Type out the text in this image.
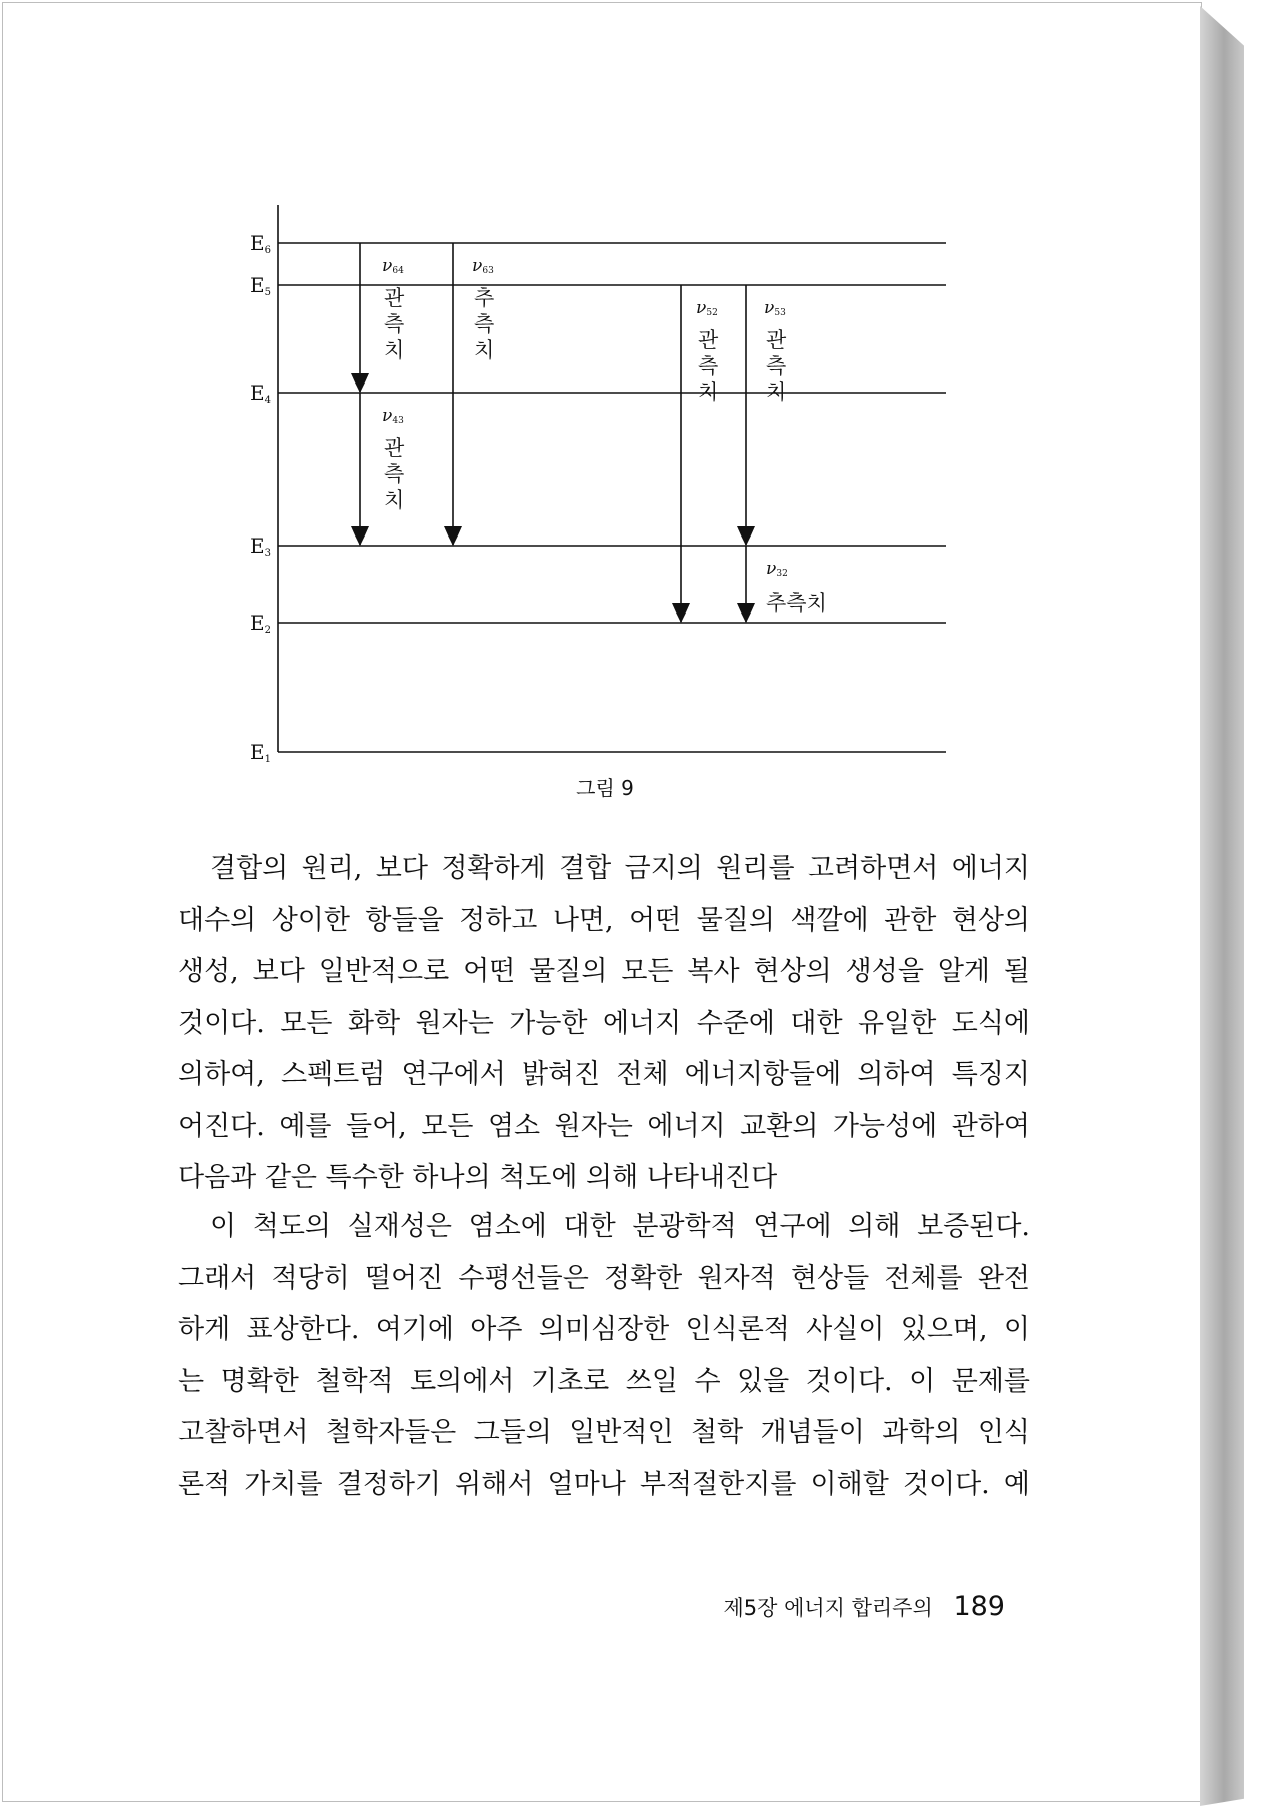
E6
E5
E4
E3
E2
E1
ν64
관
측
치
ν43
관
측
치
ν63
추
측
치
ν52
관
측
치
ν53
관
측
치
ν32
추측치
그림 9

결합의 원리, 보다 정확하게 결합 금지의 원리를 고려하면서 에너지
대수의 상이한 항들을 정하고 나면, 어떤 물질의 색깔에 관한 현상의
생성, 보다 일반적으로 어떤 물질의 모든 복사 현상의 생성을 알게 될
것이다. 모든 화학 원자는 가능한 에너지 수준에 대한 유일한 도식에
의하여, 스펙트럼 연구에서 밝혀진 전체 에너지항들에 의하여 특징지
어진다. 예를 들어, 모든 염소 원자는 에너지 교환의 가능성에 관하여
다음과 같은 특수한 하나의 척도에 의해 나타내진다

이 척도의 실재성은 염소에 대한 분광학적 연구에 의해 보증된다.
그래서 적당히 떨어진 수평선들은 정확한 원자적 현상들 전체를 완전
하게 표상한다. 여기에 아주 의미심장한 인식론적 사실이 있으며, 이
는 명확한 철학적 토의에서 기초로 쓰일 수 있을 것이다. 이 문제를
고찰하면서 철학자들은 그들의 일반적인 철학 개념들이 과학의 인식
론적 가치를 결정하기 위해서 얼마나 부적절한지를 이해할 것이다. 예

제5장 에너지 합리주의 189
